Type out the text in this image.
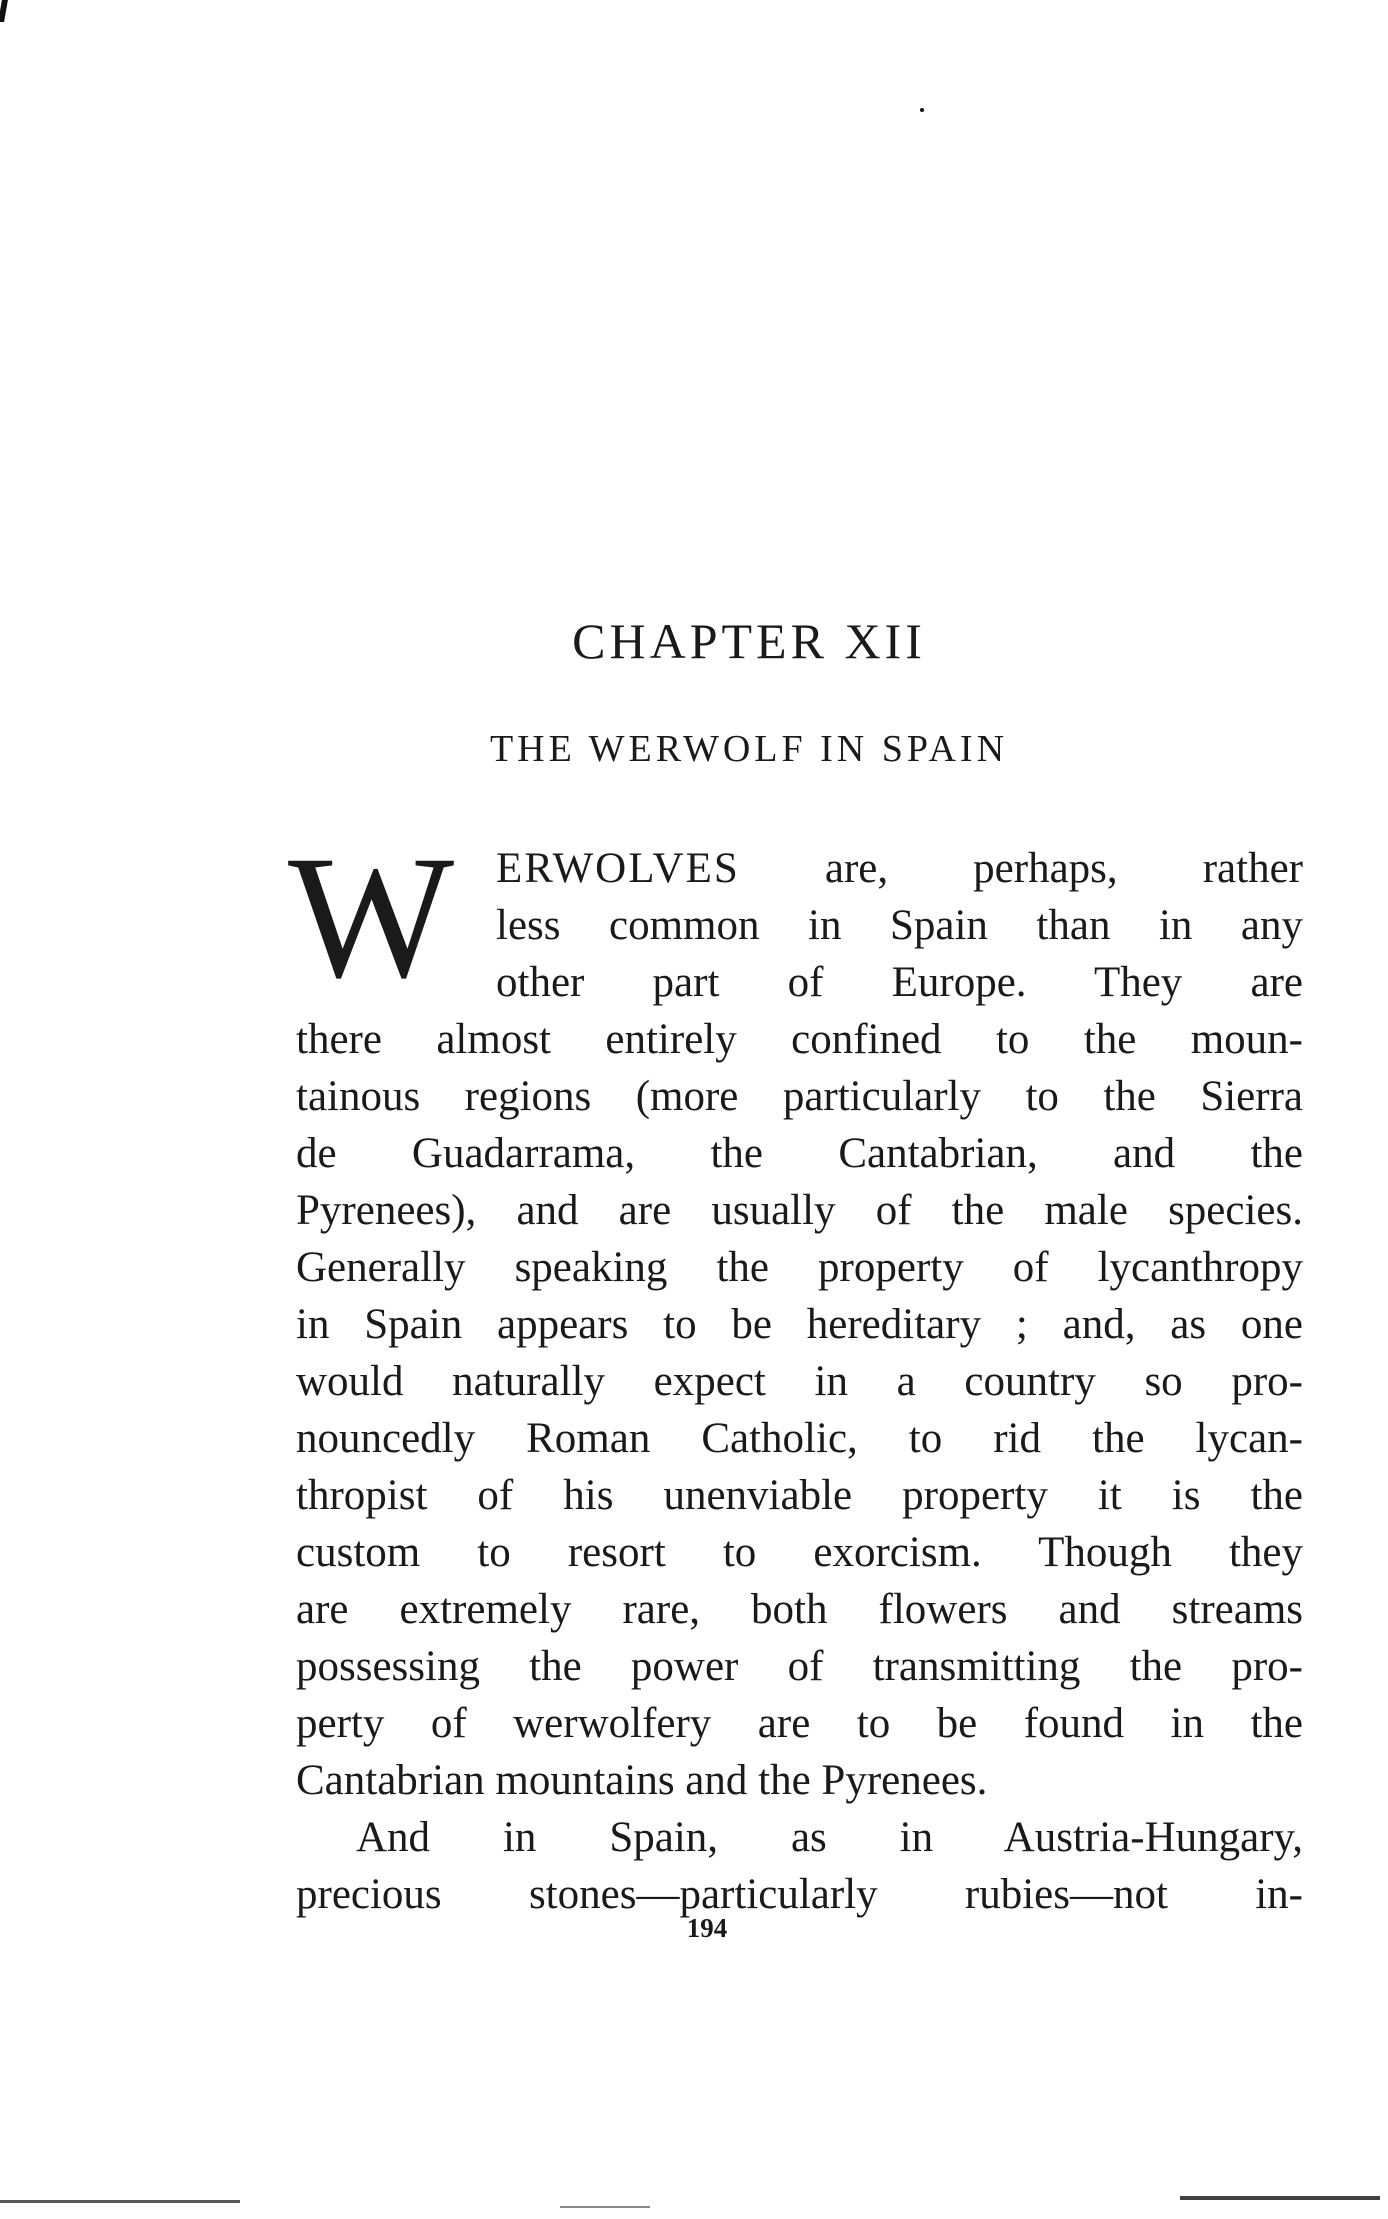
CHAPTER XII
THE WERWOLF IN SPAIN
W ERWOLVES are, perhaps, rather
less common in Spain than in any
other part of Europe. They are
there almost entirely confined to the moun-
tainous regions (more particularly to the Sierra
de Guadarrama, the Cantabrian, and the
Pyrenees), and are usually of the male species.
Generally speaking the property of lycanthropy
in Spain appears to be hereditary ; and, as one
would naturally expect in a country so pro-
nouncedly Roman Catholic, to rid the lycan-
thropist of his unenviable property it is the
custom to resort to exorcism. Though they
are extremely rare, both flowers and streams
possessing the power of transmitting the pro-
perty of werwolfery are to be found in the
Cantabrian mountains and the Pyrenees.
And in Spain, as in Austria-Hungary,
precious stones—particularly rubies—not in-
194
